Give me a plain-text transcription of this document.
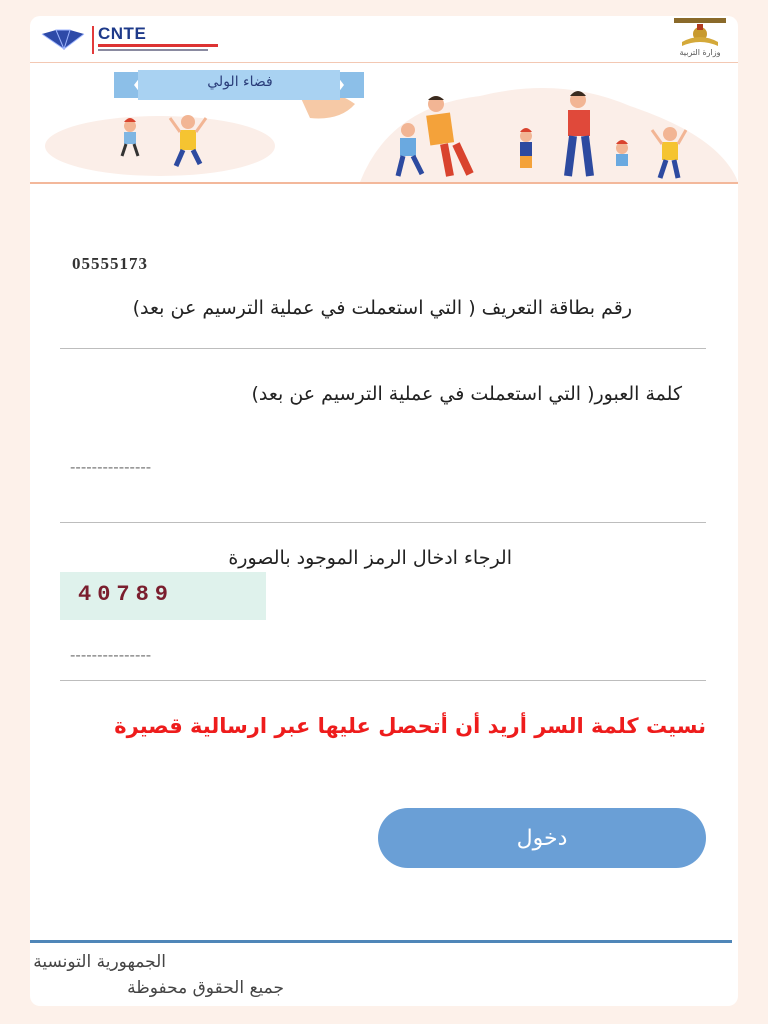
CNTE
وزارة التربية
فضاء الولي
05555173
رقم بطاقة التعريف ( التي استعملت في عملية الترسيم عن بعد)
كلمة العبور( التي استعملت في عملية الترسيم عن بعد)
---------------
الرجاء ادخال الرمز الموجود بالصورة
40789
---------------
نسيت كلمة السر أريد أن أتحصل عليها عبر ارسالية قصيرة
دخول
الجمهورية التونسية
جميع الحقوق محفوظة
